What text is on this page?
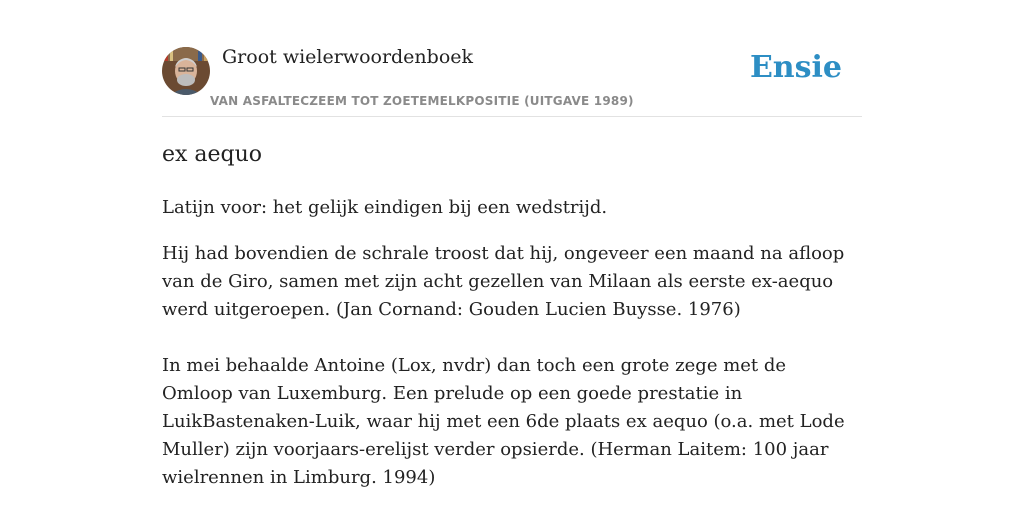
Groot wielerwoordenboek
VAN ASFALTECZEEM TOT ZOETEMELKPOSITIE (UITGAVE 1989)
Ensie
ex aequo
Latijn voor: het gelijk eindigen bij een wedstrijd.

Hij had bovendien de schrale troost dat hij, ongeveer een maand na afloop van de Giro, samen met zijn acht gezellen van Milaan als eerste ex-aequo werd uitgeroepen. (Jan Cornand: Gouden Lucien Buysse. 1976)

In mei behaalde Antoine (Lox, nvdr) dan toch een grote zege met de Omloop van Luxemburg. Een prelude op een goede prestatie in LuikBastenaken-Luik, waar hij met een 6de plaats ex aequo (o.a. met Lode Muller) zijn voorjaars-erelijst verder opsierde. (Herman Laitem: 100 jaar wielrennen in Limburg. 1994)
